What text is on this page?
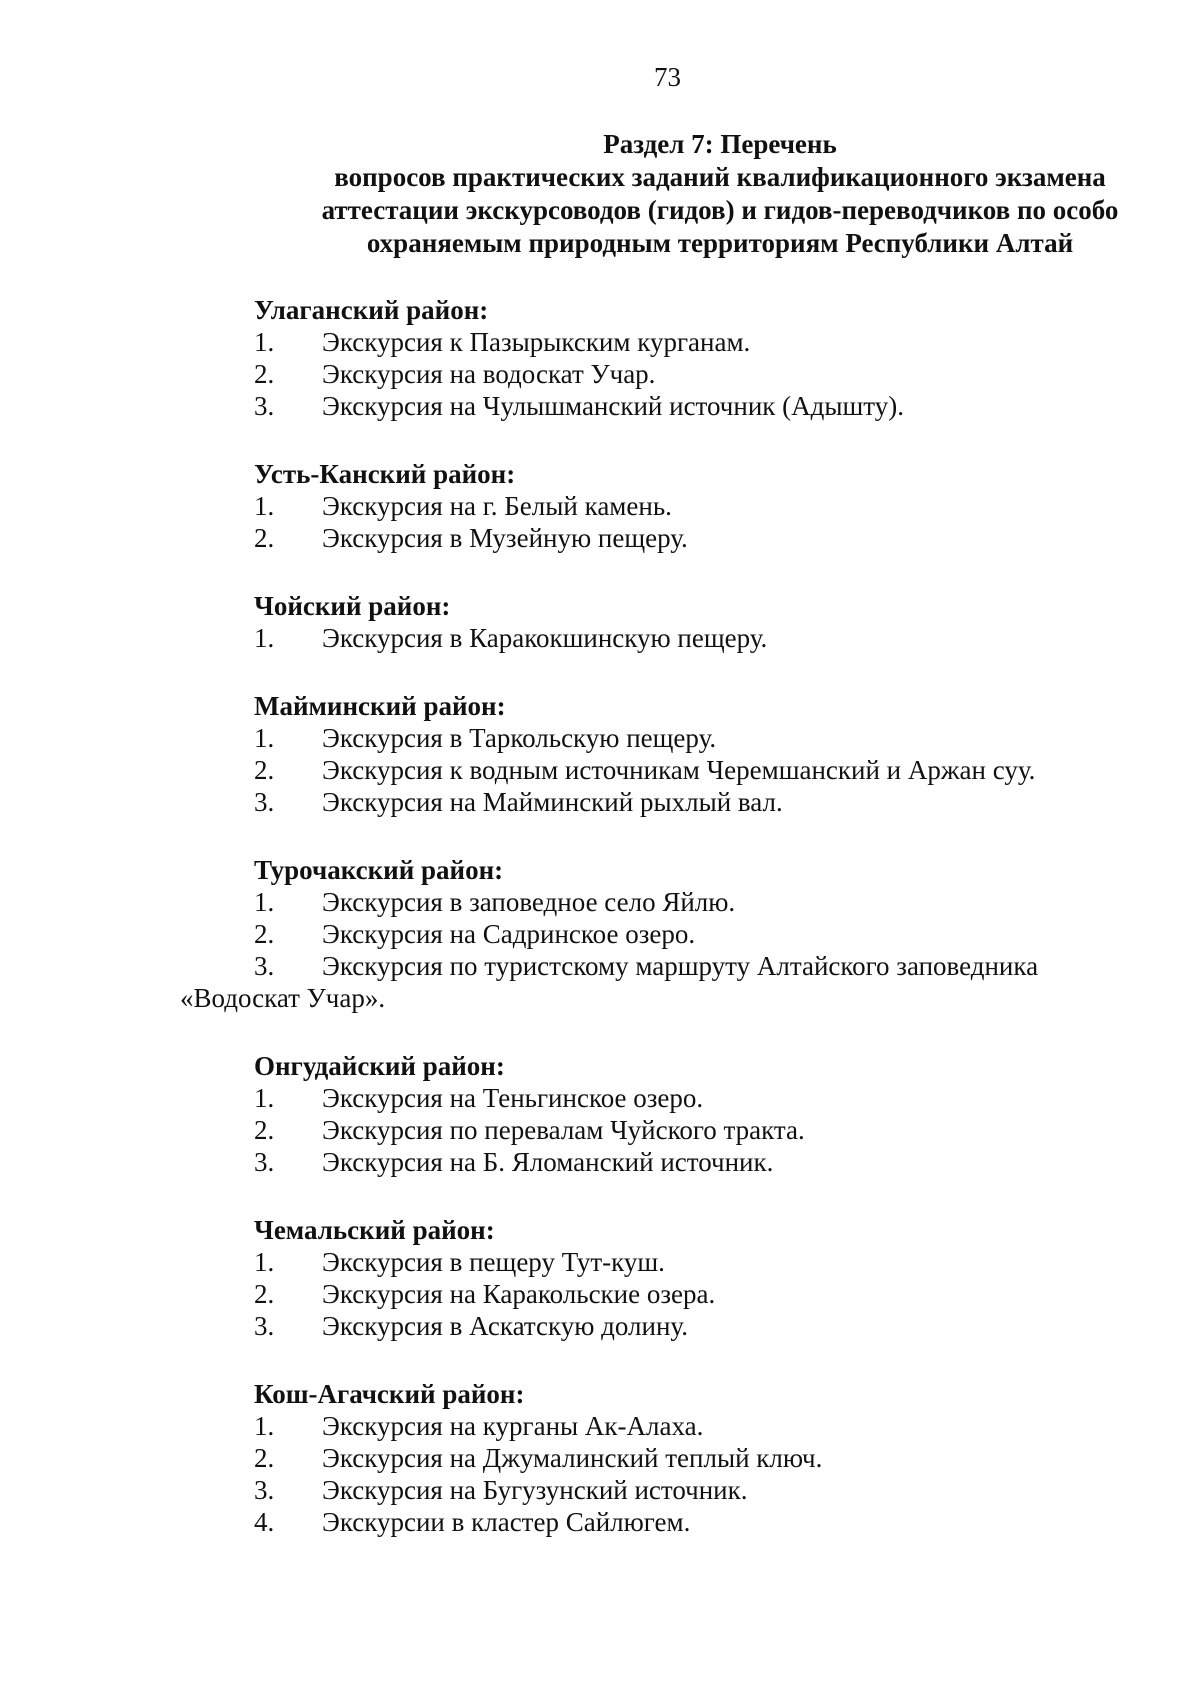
73
Раздел 7: Перечень
вопросов практических заданий квалификационного экзамена
аттестации экскурсоводов (гидов) и гидов-переводчиков по особо
охраняемым природным территориям Республики Алтай
Улаганский район:
1.	Экскурсия к Пазырыкским курганам.
2.	Экскурсия на водоскат Учар.
3.	Экскурсия на Чулышманский источник (Адышту).
Усть-Канский район:
1.	Экскурсия на г. Белый камень.
2.	Экскурсия в Музейную пещеру.
Чойский район:
1.	Экскурсия в Каракокшинскую пещеру.
Майминский район:
1.	Экскурсия в Таркольскую пещеру.
2.	Экскурсия к водным источникам Черемшанский и Аржан суу.
3.	Экскурсия на Майминский рыхлый вал.
Турочакский район:
1.	Экскурсия в заповедное село Яйлю.
2.	Экскурсия на Садринское озеро.
3. Экскурсия по туристскому маршруту Алтайского заповедника
«Водоскат Учар».
Онгудайский район:
1.	Экскурсия на Теньгинское озеро.
2.	Экскурсия по перевалам Чуйского тракта.
3.	Экскурсия на Б. Яломанский источник.
Чемальский район:
1.	Экскурсия в пещеру Тут-куш.
2.	Экскурсия на Каракольские озера.
3.	Экскурсия в Аскатскую долину.
Кош-Агачский район:
1.	Экскурсия на курганы Ак-Алаха.
2.	Экскурсия на Джумалинский теплый ключ.
3.	Экскурсия на Бугузунский источник.
4.	Экскурсии в кластер Сайлюгем.
